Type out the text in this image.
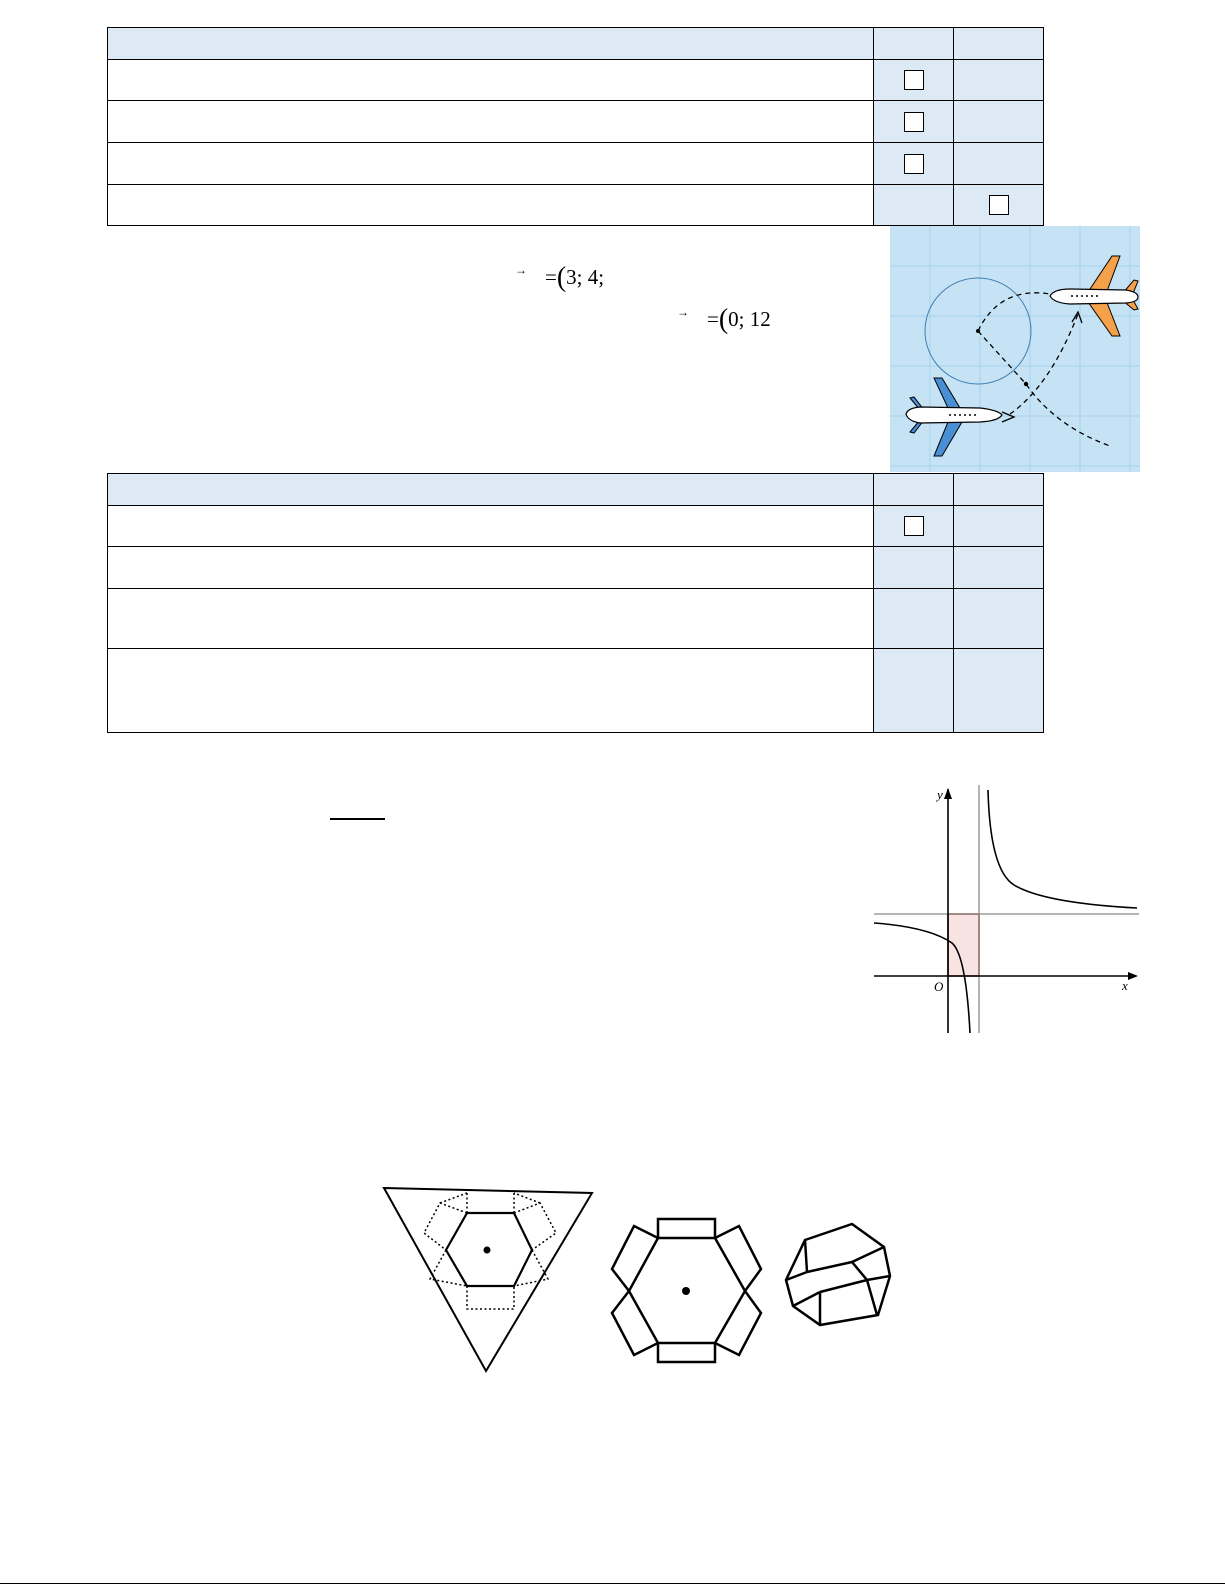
→ =(3; 4;
→ =(0; 12

y
x
O
